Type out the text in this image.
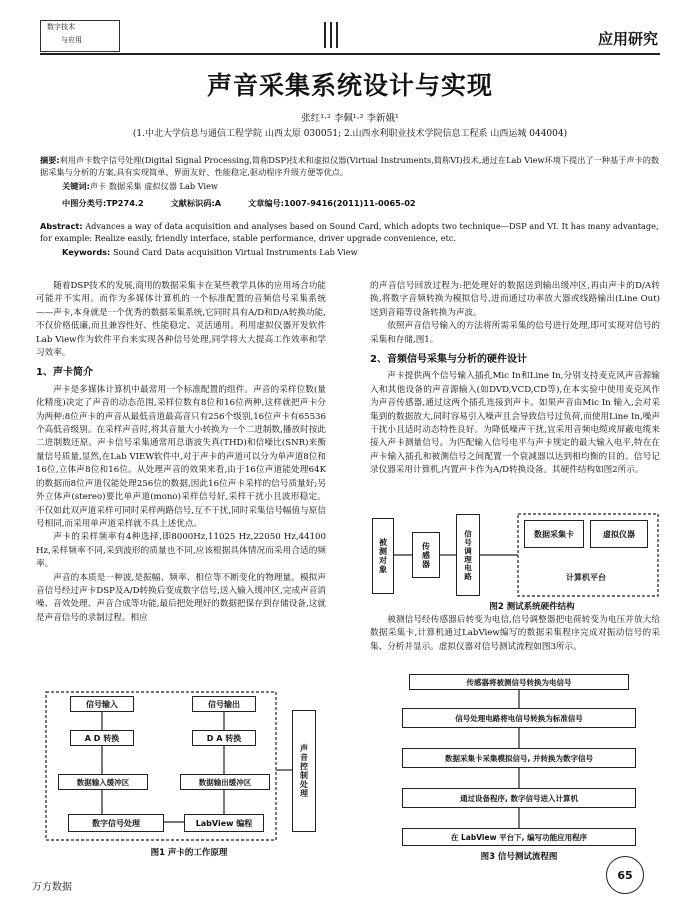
数字技术
与应用	应用研究
声音采集系统设计与实现
张红¹·² 李佩¹·² 李新娥¹
(1.中北大学信息与通信工程学院 山西太原 030051; 2.山西水利职业技术学院信息工程系 山西运城 044004)
摘要:利用声卡数字信号处理(Digital Signal Processing,简称DSP)技术和虚拟仪器(Virtual Instruments,简称VI)技术,通过在Lab View环境下提出了一种基于声卡的数据采集与分析的方案,具有实现简单、界面友好、性能稳定,驱动程序升级方便等优点。
关键词:声卡 数据采集 虚拟仪器 Lab View
中图分类号:TP274.2	文献标识码:A	文章编号:1007-9416(2011)11-0065-02
Abstract: Advances a way of data acquisition and analyses based on Sound Card, which adopts two technique—DSP and VI. It has many advantage, for example: Realize easily, friendly interface, stable performance, driver upgrade convenience, etc.
Keywords: Sound Card Data acquisition Virtual Instruments Lab View

随着DSP技术的发展,商用的数据采集卡在某些教学具体的应用场合功能可能并不实用。而作为多媒体计算机的一个标准配置的音频信号采集系统——声卡,本身就是一个优秀的数据采集系统,它同时具有A/D和D/A转换功能,不仅价格低廉,而且兼容性好、性能稳定、灵活通用。利用虚拟仪器开发软件Lab View作为软件平台来实现各种信号处理,同学将大大提高工作效率和学习效率。

1、声卡简介

声卡是多媒体计算机中最常用一个标准配置的组件。声音的采样位数(量化精度)决定了声音的动态范围,采样位数有8位和16位两种,这样就把声卡分为两种:8位声卡的声音从最低音道最高音只有256个级别,16位声卡有65536个高低音级别。在采样声音时,将其音量大小转换为一个二进制数,播放时按此二进制数还原。声卡信号采集通常用总谐波失真(THD)和信噪比(SNR)来衡量信号质量,显然,在Lab VIEW软件中,对于声卡的声道可以分为单声道8位和16位,立体声8位和16位。从处理声音的效果来看,由于16位声道能处理64K的数据而8位声道仅能处理256位的数据,因此16位声卡采样的信号质量好;另外立体声(stereo)要比单声道(mono)采样信号好,采样干扰小且波形稳定。不仅如此双声道采样可同时采样两路信号,互不干扰,同时采集信号幅值与原信号相同,而采用单声道采样就不具上述优点。

声卡的采样频率有4种选择,即8000Hz,11025 Hz,22050 Hz,44100 Hz,采样频率不同,采到波形的质量也不同,应该根据具体情况而采用合适的频率。

声音的本质是一种波,是振幅、频率、相位等不断变化的物理量。模拟声音信号经过声卡DSP及A/D转换后变成数字信号,送入输入缓冲区,完成声音消噪、音效处理、声音合成等功能,最后把处理好的数据把保存到存储设备,这就是声音信号的录制过程。相应

的声音信号回放过程为:把处理好的数据送到输出缓冲区,再由声卡的D/A转换,将数字音频转换为模拟信号,进而通过功率放大器或线路输出(Line Out)送到音箱等设备转换为声波。

依照声音信号输入的方法将所需采集的信号进行处理,即可实现对信号的采集和存储,图1。

2、音频信号采集与分析的硬件设计

声卡提供两个信号输入插孔Mic In和Line In,分别支持麦克风声音源输入和其他设备的声音源输入(如DVD,VCD,CD等),在本实验中使用麦克风作为声音传感器,通过这两个插孔连接到声卡。如果声音由Mic In 输入,会对采集到的数据放大,同时容易引入噪声且会导致信号过负荷,而使用Line In,噪声干扰小且适时动态特性良好。为降低噪声干扰,宜采用音频电缆或屏蔽电缆来接入声卡测量信号。为匹配输入信号电平与声卡规定的最大输入电平,特在在声卡输入插孔和被测信号之间配置一个衰减器以达到相均衡的目的。信号记录仪器采用计算机,内置声卡作为A/D转换设备。其硬件结构如图2所示。

被测对象	传感器	信号调理电路	数据采集卡	虚拟仪器
计算机平台
图2 测试系统硬件结构

被测信号经传感器后转变为电信,信号调整器把电荷转变为电压并放大给数据采集卡,计算机通过LabView编写的数据采集程序完成对振动信号的采集、分析并显示。虚拟仪器对信号测试流程如图3所示。

信号输入	信号输出
A D 转换	D A 转换
数据输入缓冲区	数据输出缓冲区
数字信号处理	LabView 编程
声音控制处理
图1 声卡的工作原理
传感器将被测信号转换为电信号
信号处理电路将电信号转换为标准信号
数据采集卡采集模拟信号, 并转换为数字信号
通过设备程序, 数字信号进入计算机
在 LabView 平台下, 编写功能应用程序
图3 信号测试流程图
万方数据
65
